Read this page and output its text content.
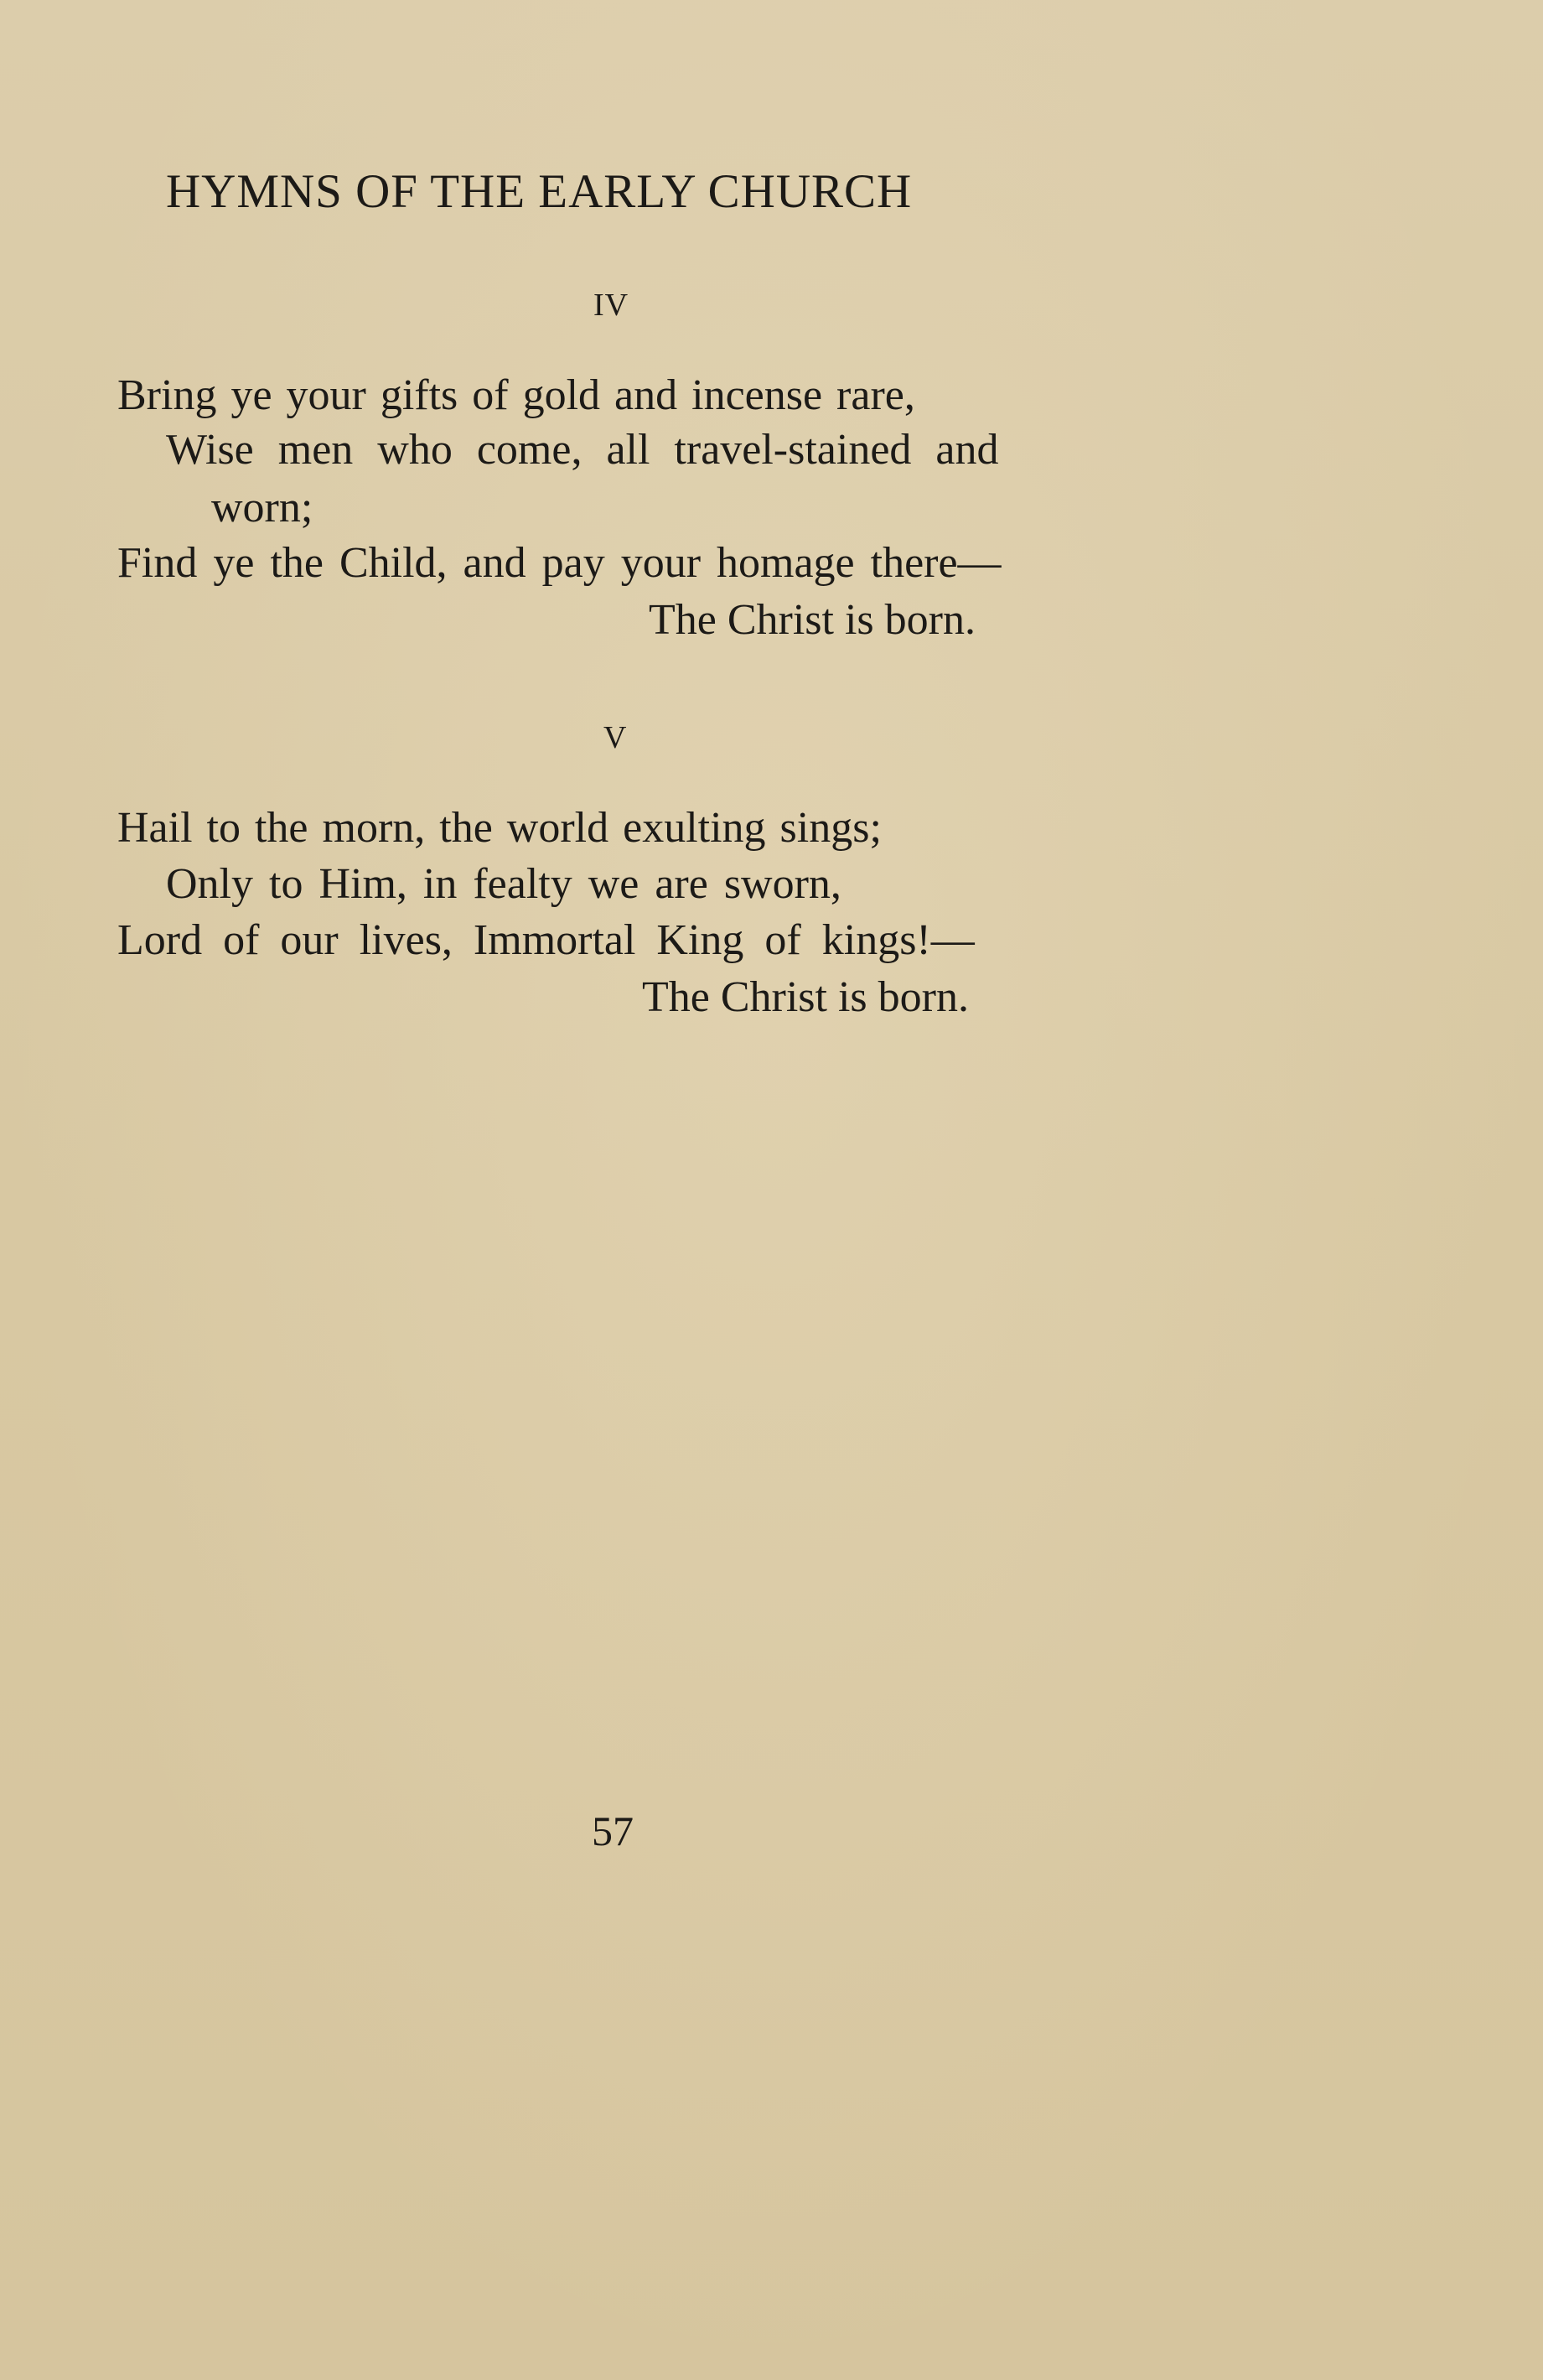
HYMNS OF THE EARLY CHURCH
IV
Bring ye your gifts of gold and incense rare,
Wise men who come, all travel-stained and
worn;
Find ye the Child, and pay your homage there—
The Christ is born.
V
Hail to the morn, the world exulting sings;
Only to Him, in fealty we are sworn,
Lord of our lives, Immortal King of kings!—
The Christ is born.
57
